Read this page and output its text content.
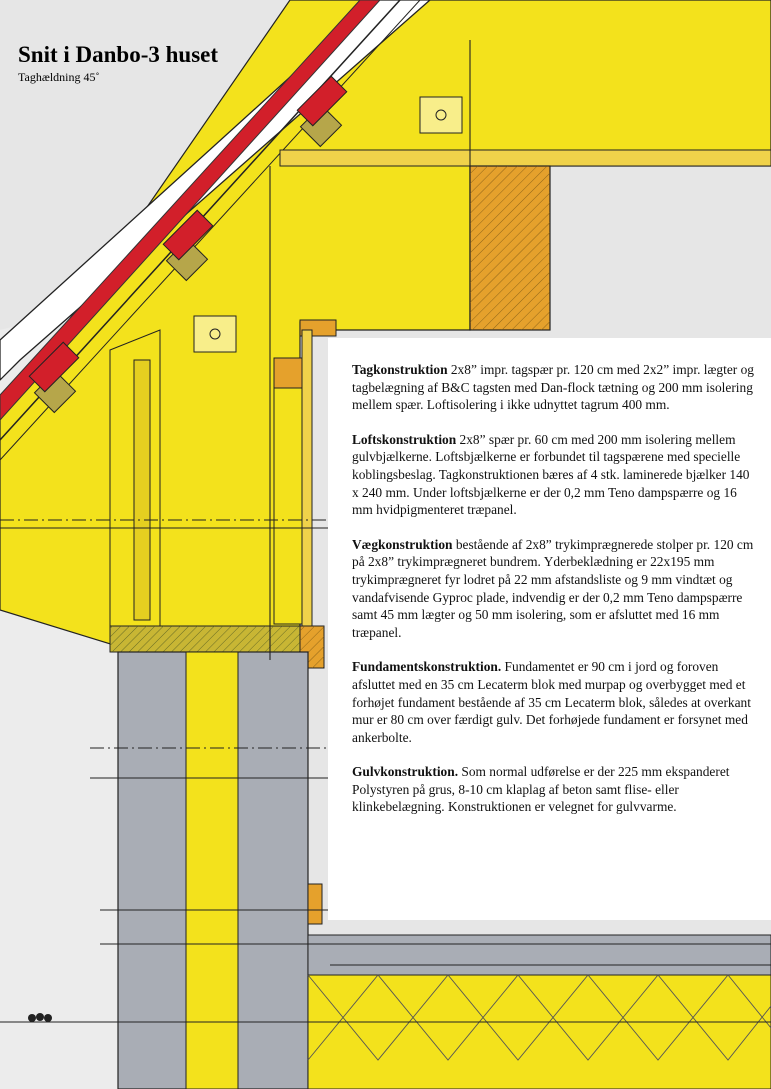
Snit i Danbo-3 huset
Taghældning 45˚

Tagkonstruktion 2x8” impr. tagspær pr. 120 cm med 2x2” impr. lægter og tagbelægning af B&C tagsten med Dan-flock tætning og 200 mm isolering mellem spær. Loftisolering i ikke udnyttet tagrum 400 mm.

Loftskonstruktion 2x8” spær pr. 60 cm med 200 mm isolering mellem gulvbjælkerne. Loftsbjælkerne er forbundet til tagspærene med specielle koblingsbeslag. Tagkonstruktionen bæres af 4 stk. laminerede bjælker 140 x 240 mm. Under loftsbjælkerne er der 0,2 mm Teno dampspærre og 16 mm hvidpigmenteret træpanel.

Vægkonstruktion bestående af 2x8” trykimprægnerede stolper pr. 120 cm på 2x8” trykimprægneret bundrem. Yderbeklædning er 22x195 mm trykimprægneret fyr lodret på 22 mm afstandsliste og 9 mm vindtæt og vandafvisende Gyproc plade, indvendig er der 0,2 mm Teno dampspærre samt 45 mm lægter og 50 mm isolering, som er afsluttet med 16 mm træpanel.

Fundamentskonstruktion. Fundamentet er 90 cm i jord og foroven afsluttet med en 35 cm Lecaterm blok med murpap og overbygget med et forhøjet fundament bestående af 35 cm Lecaterm blok, således at overkant mur er 80 cm over færdigt gulv. Det forhøjede fundament er forsynet med ankerbolte.

Gulvkonstruktion. Som normal udførelse er der 225 mm ekspanderet Polystyren på grus, 8-10 cm klaplag af beton samt flise- eller klinkebelægning. Konstruktionen er velegnet for gulvvarme.
